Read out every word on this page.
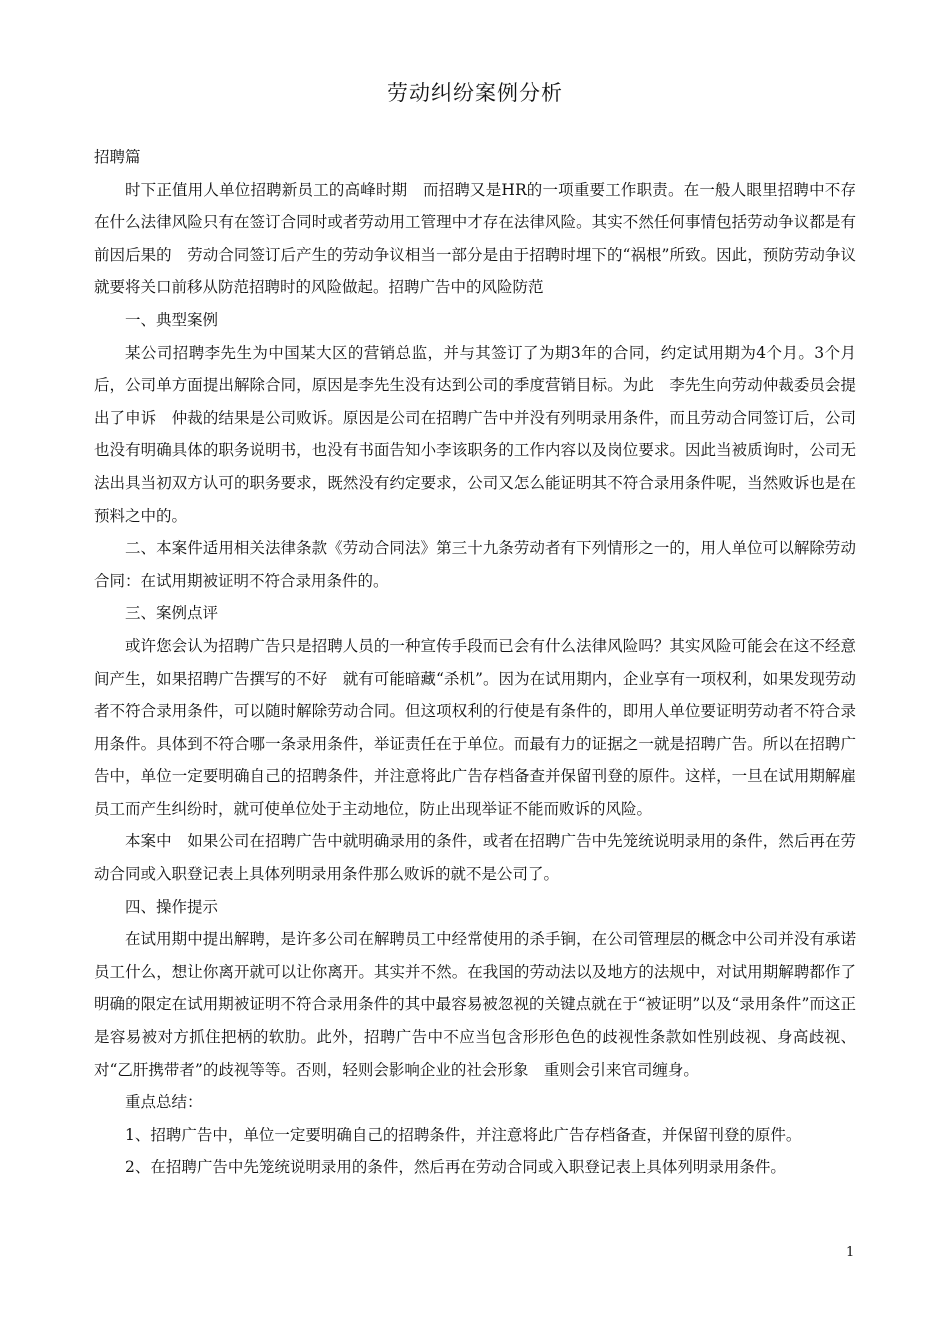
劳动纠纷案例分析

招聘篇

时下正值用人单位招聘新员工的高峰时期　而招聘又是HR的一项重要工作职责。在一般人眼里招聘中不存在什么法律风险只有在签订合同时或者劳动用工管理中才存在法律风险。其实不然任何事情包括劳动争议都是有前因后果的　劳动合同签订后产生的劳动争议相当一部分是由于招聘时埋下的“祸根”所致。因此，预防劳动争议就要将关口前移从防范招聘时的风险做起。招聘广告中的风险防范

一、典型案例

某公司招聘李先生为中国某大区的营销总监，并与其签订了为期3年的合同，约定试用期为4个月。3个月后，公司单方面提出解除合同，原因是李先生没有达到公司的季度营销目标。为此　李先生向劳动仲裁委员会提出了申诉　仲裁的结果是公司败诉。原因是公司在招聘广告中并没有列明录用条件，而且劳动合同签订后，公司也没有明确具体的职务说明书，也没有书面告知小李该职务的工作内容以及岗位要求。因此当被质询时，公司无法出具当初双方认可的职务要求，既然没有约定要求，公司又怎么能证明其不符合录用条件呢，当然败诉也是在预料之中的。

二、本案件适用相关法律条款《劳动合同法》第三十九条劳动者有下列情形之一的，用人单位可以解除劳动合同：在试用期被证明不符合录用条件的。

三、案例点评

或许您会认为招聘广告只是招聘人员的一种宣传手段而已会有什么法律风险吗？其实风险可能会在这不经意间产生，如果招聘广告撰写的不好　就有可能暗藏“杀机”。因为在试用期内，企业享有一项权利，如果发现劳动者不符合录用条件，可以随时解除劳动合同。但这项权利的行使是有条件的，即用人单位要证明劳动者不符合录用条件。具体到不符合哪一条录用条件，举证责任在于单位。而最有力的证据之一就是招聘广告。所以在招聘广告中，单位一定要明确自己的招聘条件，并注意将此广告存档备查并保留刊登的原件。这样，一旦在试用期解雇员工而产生纠纷时，就可使单位处于主动地位，防止出现举证不能而败诉的风险。

本案中　如果公司在招聘广告中就明确录用的条件，或者在招聘广告中先笼统说明录用的条件，然后再在劳动合同或入职登记表上具体列明录用条件那么败诉的就不是公司了。

四、操作提示

在试用期中提出解聘，是许多公司在解聘员工中经常使用的杀手锏，在公司管理层的概念中公司并没有承诺员工什么，想让你离开就可以让你离开。其实并不然。在我国的劳动法以及地方的法规中，对试用期解聘都作了明确的限定在试用期被证明不符合录用条件的其中最容易被忽视的关键点就在于“被证明”以及“录用条件”而这正是容易被对方抓住把柄的软肋。此外，招聘广告中不应当包含形形色色的歧视性条款如性别歧视、身高歧视、对“乙肝携带者”的歧视等等。否则，轻则会影响企业的社会形象　重则会引来官司缠身。

重点总结：

1、招聘广告中，单位一定要明确自己的招聘条件，并注意将此广告存档备查，并保留刊登的原件。

2、在招聘广告中先笼统说明录用的条件，然后再在劳动合同或入职登记表上具体列明录用条件。

1
